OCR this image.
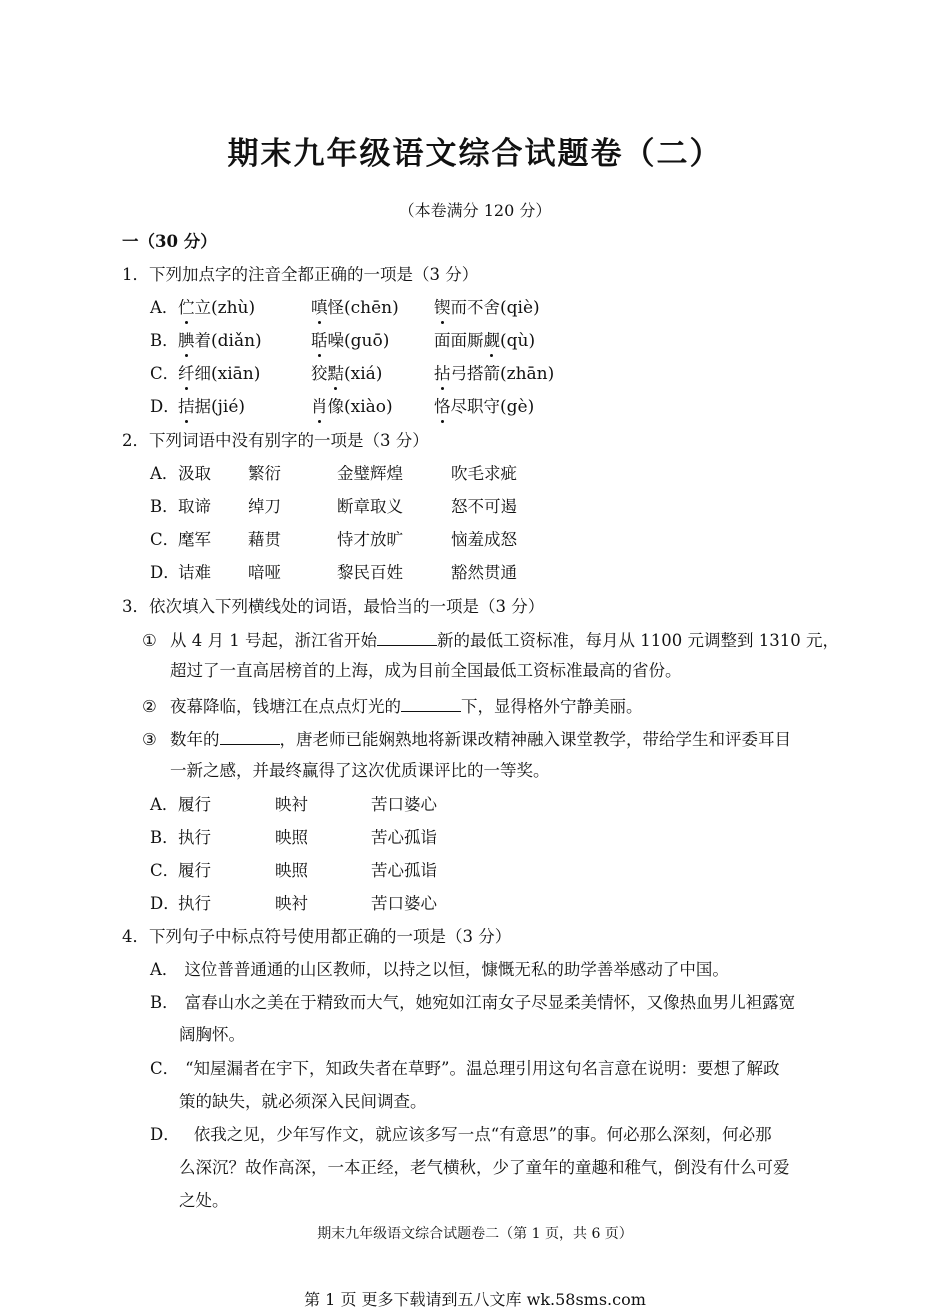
期末九年级语文综合试题卷（二）
（本卷满分 120 分）
一（30 分）
1．下列加点字的注音全都正确的一项是（3 分）
A． 伫立(zhù)	嗔怪(chēn) 锲而不舍(qiè)
B． 腆着(diǎn)	聒噪(guō)	面面厮觑(qù)
C．
纤细(xiān)	狡黠(xiá)	拈弓搭箭(zhān)
D．
拮据(jié)	肖像(xiào)	恪尽职守(gè)
2．下列词语中没有别字的一项是（3 分）
A． 汲取 繁衍	金璧辉煌	吹毛求疵
B． 取谛 绰刀	断章取义	怒不可遏
C．
麾军 藉贯	恃才放旷	恼羞成怒
D．
诘难 喑哑	黎民百姓	豁然贯通
3．依次填入下列横线处的词语，最恰当的一项是（3 分）
① 从 4 月 1 号起，浙江省开始	新的最低工资标准，每月从 1100 元调整到 1310 元，
超过了一直高居榜首的上海，成为目前全国最低工资标准最高的省份。
② 夜幕降临，钱塘江在点点灯光的	下，显得格外宁静美丽。
③ 数年的	，唐老师已能娴熟地将新课改精神融入课堂教学，带给学生和评委耳目
一新之感，并最终赢得了这次优质课评比的一等奖。
A． 履行	映衬	苦口婆心
B． 执行	映照	苦心孤诣
C．
履行	映照	苦心孤诣
D．
执行	映衬	苦口婆心
4．下列句子中标点符号使用都正确的一项是（3 分）
A． 这位普普通通的山区教师，以持之以恒，慷慨无私的助学善举感动了中国。
B． 富春山水之美在于精致而大气，她宛如江南女子尽显柔美情怀，又像热血男儿袒露宽
阔胸怀。
C． “知屋漏者在宇下，知政失者在草野”。温总理引用这句名言意在说明：要想了解政
策的缺失，就必须深入民间调查。
D． 依我之见，少年写作文，就应该多写一点“有意思”的事。何必那么深刻，何必那
么深沉？故作高深，一本正经，老气横秋，少了童年的童趣和稚气，倒没有什么可爱
之处。
期末九年级语文综合试题卷二（第 1 页，共 6 页）
第 1 页 更多下载请到五八文库 wk.58sms.com
